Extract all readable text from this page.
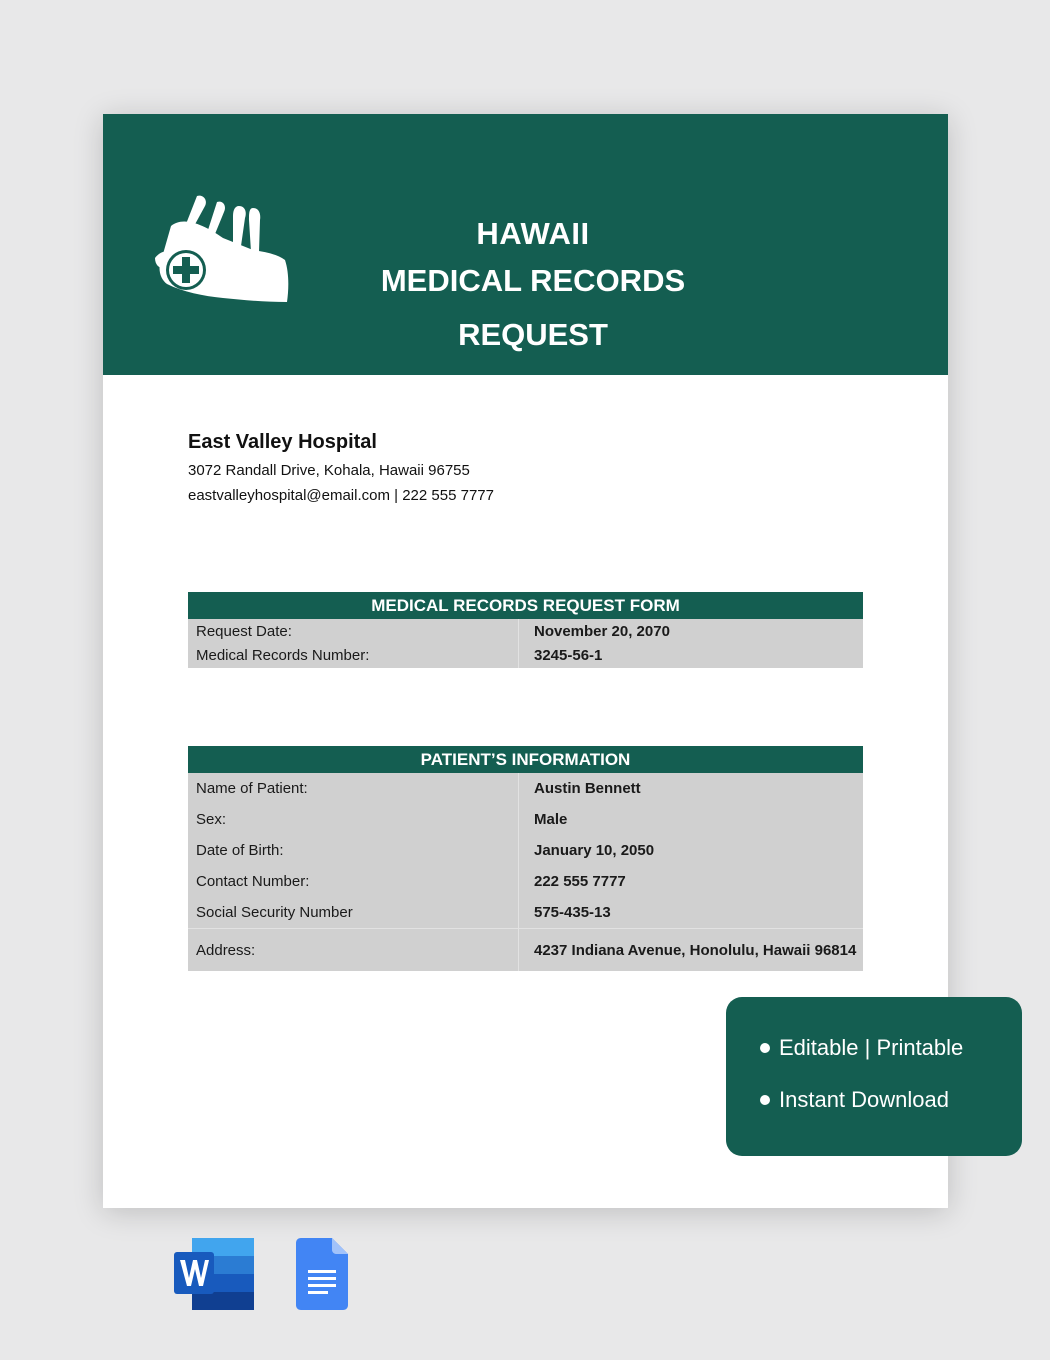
HAWAII
MEDICAL RECORDS REQUEST
East Valley Hospital
3072 Randall Drive, Kohala, Hawaii 96755
eastvalleyhospital@email.com | 222 555 7777
MEDICAL RECORDS REQUEST FORM
Request Date:	November 20, 2070
Medical Records Number:	3245-56-1
PATIENT’S INFORMATION
Name of Patient:	Austin Bennett
Sex:	Male
Date of Birth:	January 10, 2050
Contact Number:	222 555 7777
Social Security Number	575-435-13
Address:	4237 Indiana Avenue, Honolulu, Hawaii 96814
Editable | Printable
Instant Download
